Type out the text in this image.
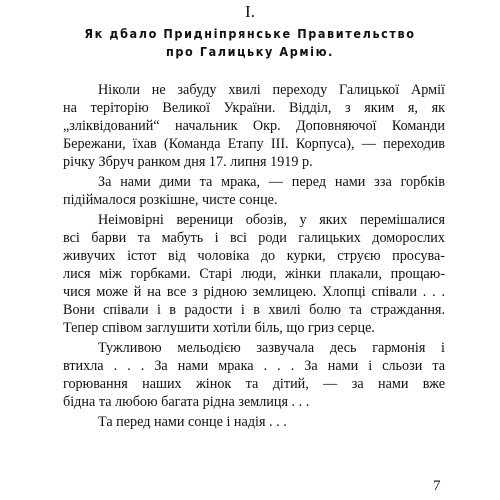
I.
Як дбало Придніпрянське Правительство
про Галицьку Армію.
Ніколи не забуду хвилі переходу Галицької Армії
на теріторію Великої України. Відділ, з яким я, як
„зліквідований“ начальник Окр. Доповняючої Команди
Бережани, їхав (Команда Етапу III. Корпуса), — переходив
річку Збруч ранком дня 17. липня 1919 р.
За нами дими та мрака, — перед нами зза горбків
підіймалося розкішне, чисте сонце.
Неімовірні вереници обозів, у яких перемішалися
всі барви та мабуть і всі роди галицьких доморослих
живучих істот від чоловіка до курки, струєю просува-
лися між горбками. Старі люди, жінки плакали, прощаю-
чися може й на все з рідною землицею. Хлопці співали . . .
Вони співали і в радости і в хвилі болю та страждання.
Тепер співом заглушити хотіли біль, що гриз серце.
Тужливою мельодією зазвучала десь гармонія і
втихла . . . За нами мрака . . . За нами і сльози та
горювання наших жінок та дітий, — за нами вже
бідна та любою багата рідна землиця . . .
Та перед нами сонце і надія . . .
7
